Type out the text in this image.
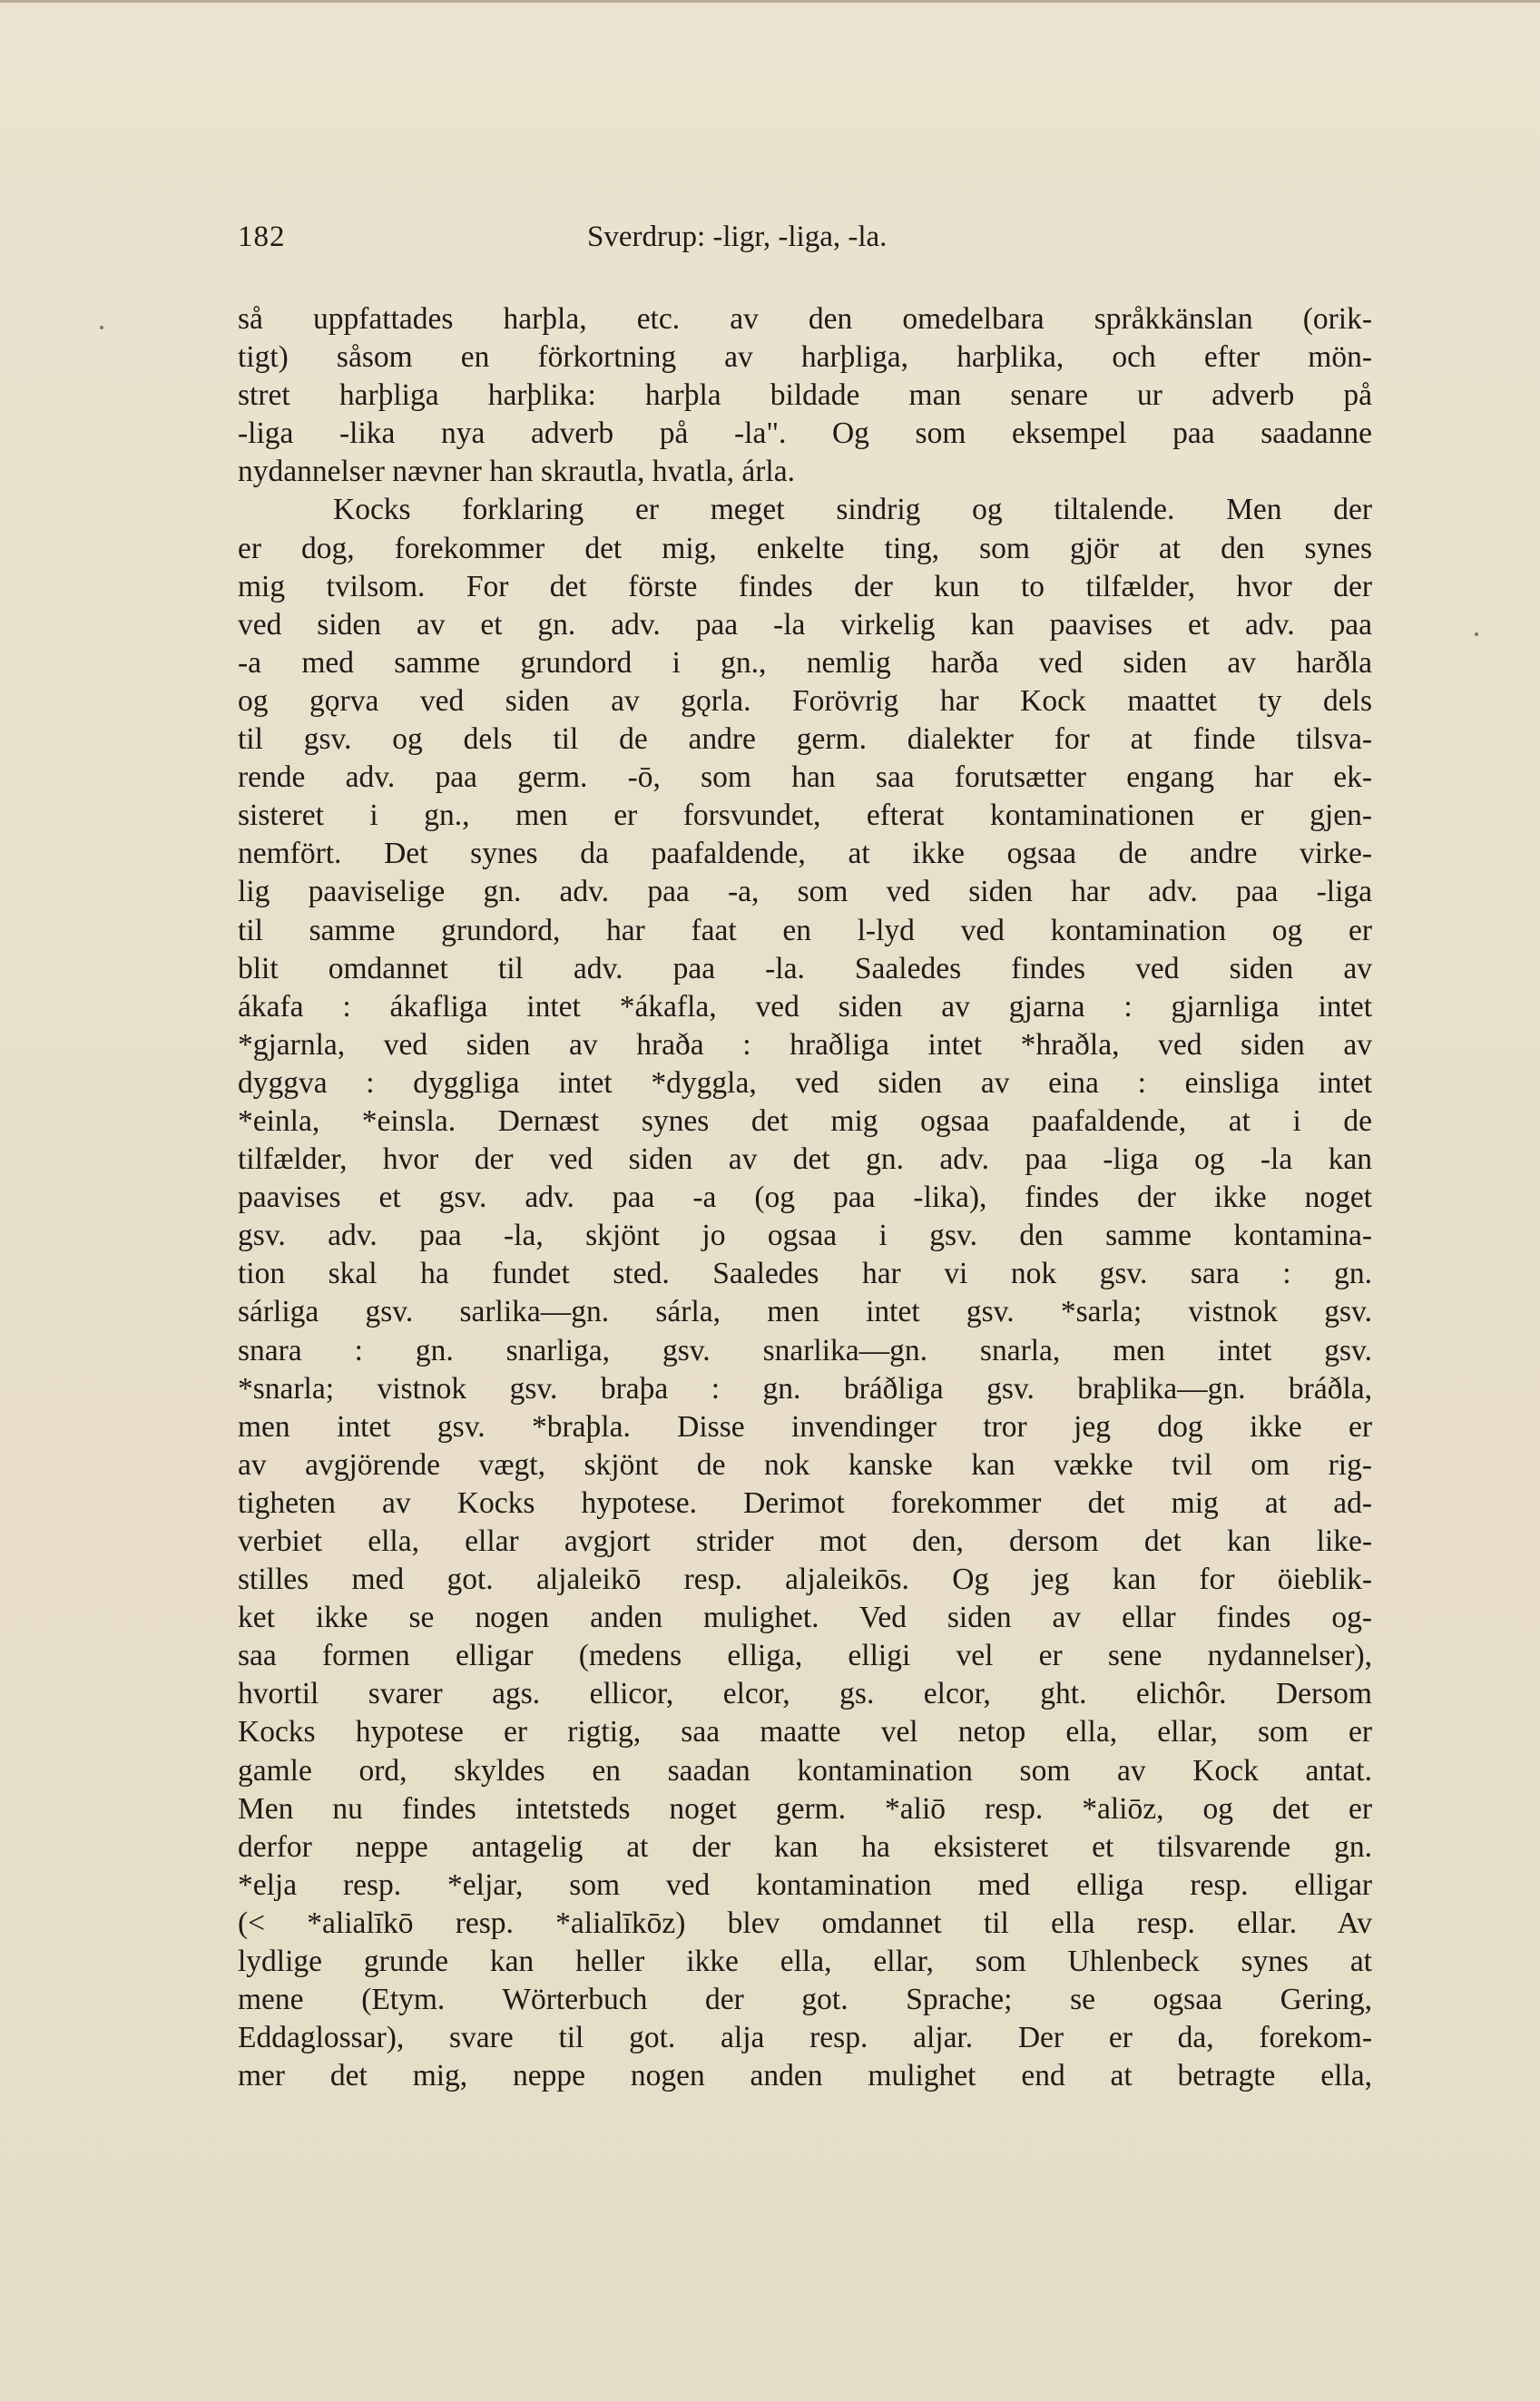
182	Sverdrup: -ligr, -liga, -la.
så uppfattades harþla, etc. av den omedelbara språkkänslan (orik-
tigt) såsom en förkortning av harþliga, harþlika, och efter mön-
stret harþliga harþlika: harþla bildade man senare ur adverb på
-liga -lika nya adverb på -la". Og som eksempel paa saadanne
nydannelser nævner han skrautla, hvatla, árla.
Kocks forklaring er meget sindrig og tiltalende. Men der
er dog, forekommer det mig, enkelte ting, som gjör at den synes
mig tvilsom. For det förste findes der kun to tilfælder, hvor der
ved siden av et gn. adv. paa -la virkelig kan paavises et adv. paa
-a med samme grundord i gn., nemlig harða ved siden av harðla
og gǫrva ved siden av gǫrla. Forövrig har Kock maattet ty dels
til gsv. og dels til de andre germ. dialekter for at finde tilsva-
rende adv. paa germ. -ō, som han saa forutsætter engang har ek-
sisteret i gn., men er forsvundet, efterat kontaminationen er gjen-
nemfört. Det synes da paafaldende, at ikke ogsaa de andre virke-
lig paaviselige gn. adv. paa -a, som ved siden har adv. paa -liga
til samme grundord, har faat en l-lyd ved kontamination og er
blit omdannet til adv. paa -la. Saaledes findes ved siden av
ákafa : ákafliga intet *ákafla, ved siden av gjarna : gjarnliga intet
*gjarnla, ved siden av hraða : hraðliga intet *hraðla, ved siden av
dyggva : dyggliga intet *dyggla, ved siden av eina : einsliga intet
*einla, *einsla. Dernæst synes det mig ogsaa paafaldende, at i de
tilfælder, hvor der ved siden av det gn. adv. paa -liga og -la kan
paavises et gsv. adv. paa -a (og paa -lika), findes der ikke noget
gsv. adv. paa -la, skjönt jo ogsaa i gsv. den samme kontamina-
tion skal ha fundet sted. Saaledes har vi nok gsv. sara : gn.
sárliga gsv. sarlika—gn. sárla, men intet gsv. *sarla; vistnok gsv.
snara : gn. snarliga, gsv. snarlika—gn. snarla, men intet gsv.
*snarla; vistnok gsv. braþa : gn. bráðliga gsv. braþlika—gn. bráðla,
men intet gsv. *braþla. Disse invendinger tror jeg dog ikke er
av avgjörende vægt, skjönt de nok kanske kan vække tvil om rig-
tigheten av Kocks hypotese. Derimot forekommer det mig at ad-
verbiet ella, ellar avgjort strider mot den, dersom det kan like-
stilles med got. aljaleikō resp. aljaleikōs. Og jeg kan for öieblik-
ket ikke se nogen anden mulighet. Ved siden av ellar findes og-
saa formen elligar (medens elliga, elligi vel er sene nydannelser),
hvortil svarer ags. ellicor, elcor, gs. elcor, ght. elichôr. Dersom
Kocks hypotese er rigtig, saa maatte vel netop ella, ellar, som er
gamle ord, skyldes en saadan kontamination som av Kock antat.
Men nu findes intetsteds noget germ. *aliō resp. *aliōz, og det er
derfor neppe antagelig at der kan ha eksisteret et tilsvarende gn.
*elja resp. *eljar, som ved kontamination med elliga resp. elligar
(< *alialīkō resp. *alialīkōz) blev omdannet til ella resp. ellar. Av
lydlige grunde kan heller ikke ella, ellar, som Uhlenbeck synes at
mene (Etym. Wörterbuch der got. Sprache; se ogsaa Gering,
Eddaglossar), svare til got. alja resp. aljar. Der er da, forekom-
mer det mig, neppe nogen anden mulighet end at betragte ella,
